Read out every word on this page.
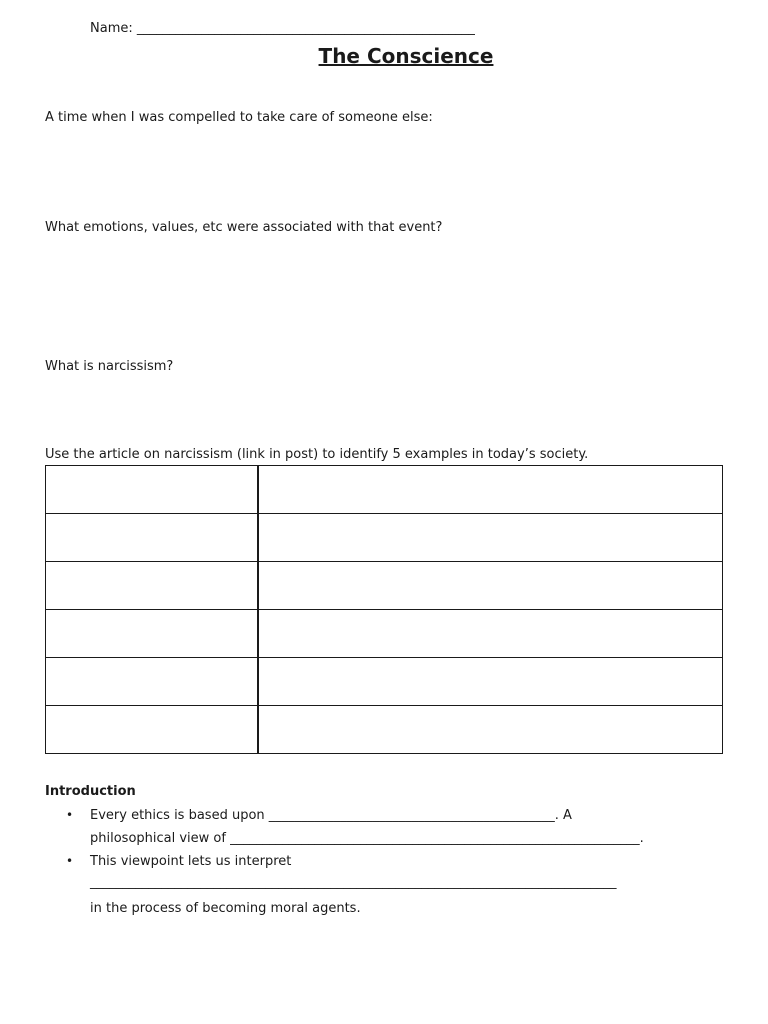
Name: ____________________________________________________
The Conscience
A time when I was compelled to take care of someone else:
What emotions, values, etc were associated with that event?
What is narcissism?
Use the article on narcissism (link in post) to identify 5 examples in today’s society.

Introduction
• Every ethics is based upon ____________________________________________. A
philosophical view of _______________________________________________________________.
• This viewpoint lets us interpret
_________________________________________________________________________________
in the process of becoming moral agents.
